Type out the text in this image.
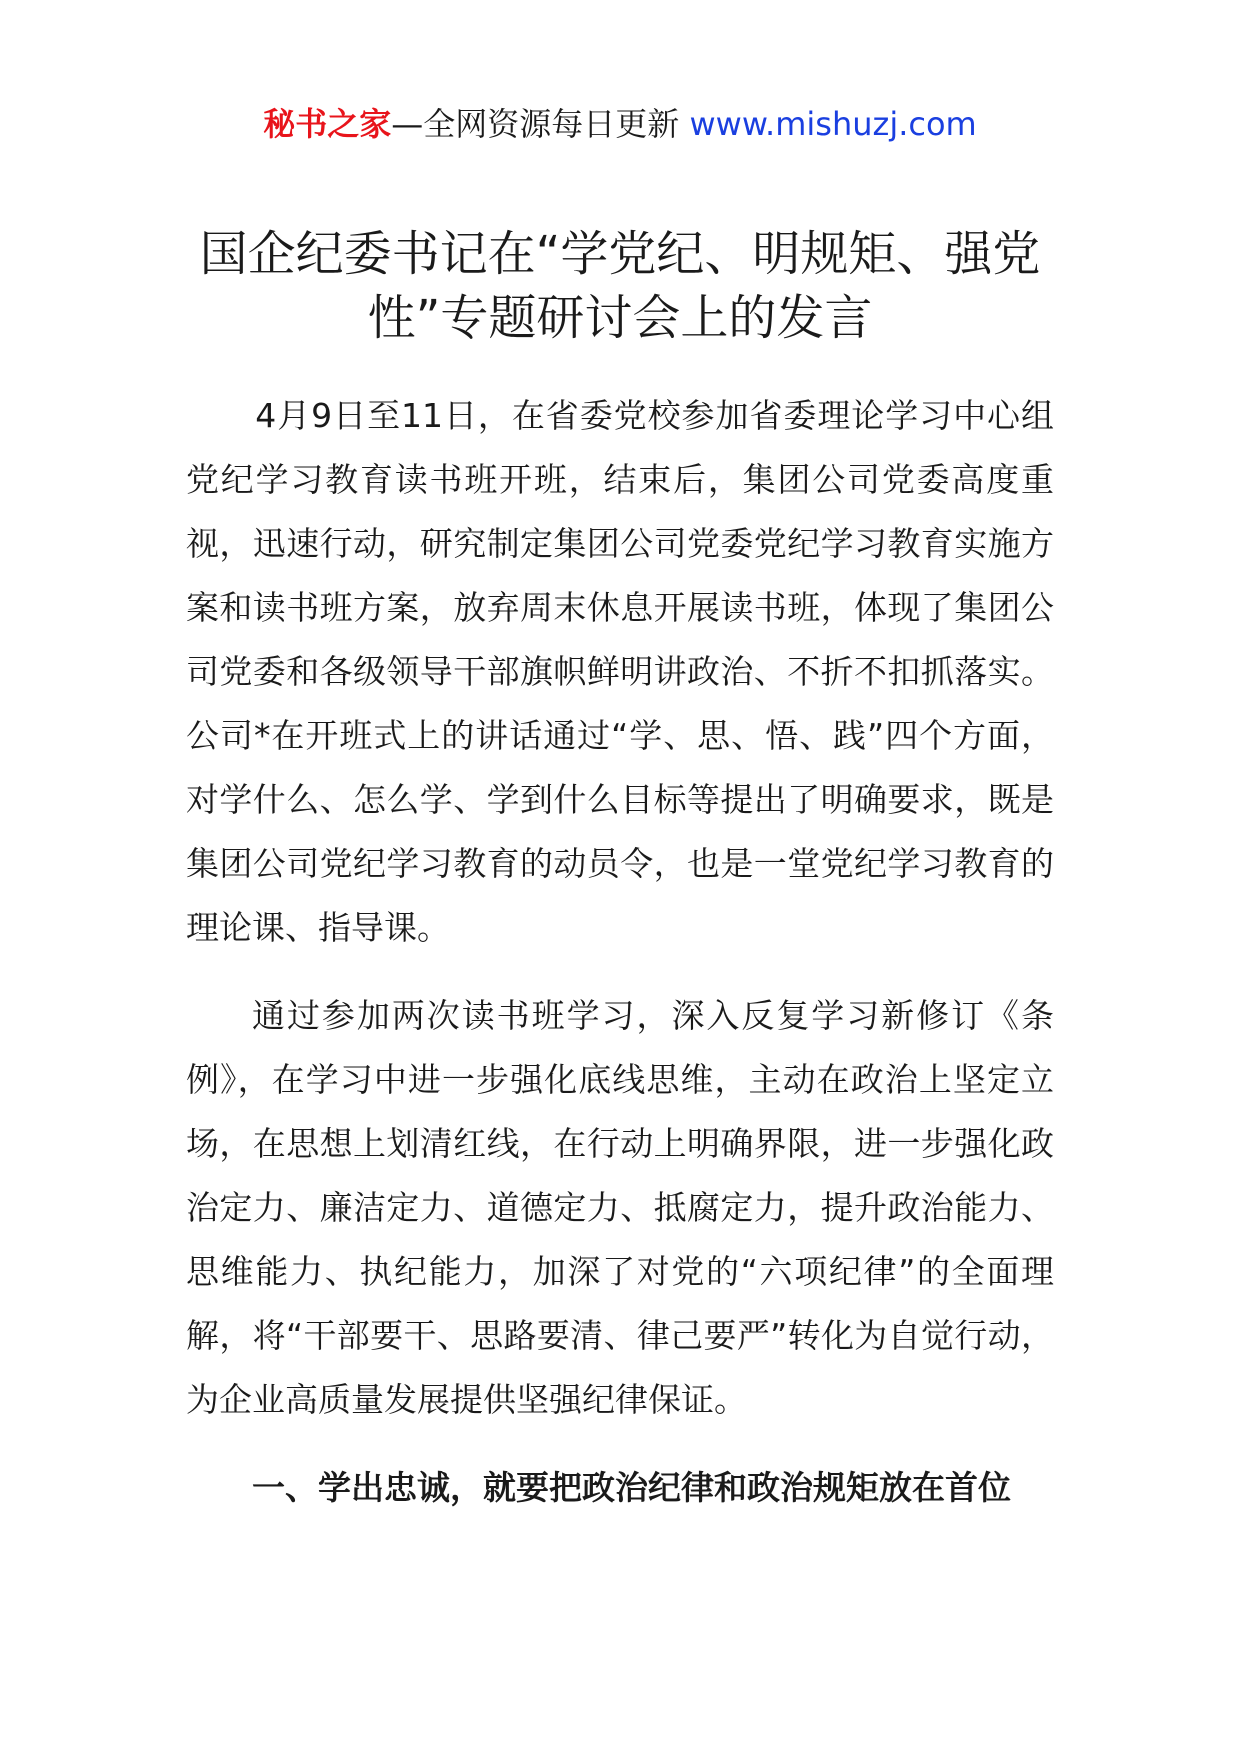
秘书之家—全网资源每日更新 www.mishuzj.com
国企纪委书记在“学党纪、明规矩、强党性”专题研讨会上的发言

4月9日至11日，在省委党校参加省委理论学习中心组党纪学习教育读书班开班，结束后，集团公司党委高度重视，迅速行动，研究制定集团公司党委党纪学习教育实施方案和读书班方案，放弃周末休息开展读书班，体现了集团公司党委和各级领导干部旗帜鲜明讲政治、不折不扣抓落实。公司*在开班式上的讲话通过“学、思、悟、践”四个方面，对学什么、怎么学、学到什么目标等提出了明确要求，既是集团公司党纪学习教育的动员令，也是一堂党纪学习教育的理论课、指导课。

通过参加两次读书班学习，深入反复学习新修订《条例》，在学习中进一步强化底线思维，主动在政治上坚定立场，在思想上划清红线，在行动上明确界限，进一步强化政治定力、廉洁定力、道德定力、抵腐定力，提升政治能力、思维能力、执纪能力，加深了对党的“六项纪律”的全面理解，将“干部要干、思路要清、律己要严”转化为自觉行动，为企业高质量发展提供坚强纪律保证。

一、学出忠诚，就要把政治纪律和政治规矩放在首位
